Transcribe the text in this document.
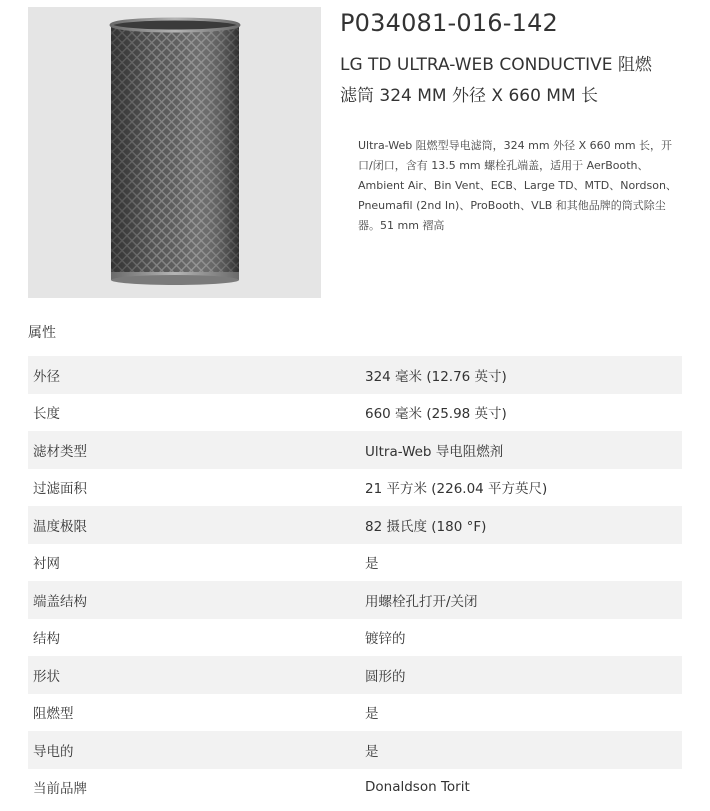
P034081-016-142
LG TD ULTRA-WEB CONDUCTIVE 阻燃
滤筒 324 MM 外径 X 660 MM 长

Ultra-Web 阻燃型导电滤筒，324 mm 外径 X 660 mm 长，开口/闭口，含有 13.5 mm 螺栓孔端盖，适用于 AerBooth、Ambient Air、Bin Vent、ECB、Large TD、MTD、Nordson、Pneumafil (2nd In)、ProBooth、VLB 和其他品牌的筒式除尘器。51 mm 褶高

属性
外径	324 毫米 (12.76 英寸)
长度	660 毫米 (25.98 英寸)
滤材类型	Ultra-Web 导电阻燃剂
过滤面积	21 平方米 (226.04 平方英尺)
温度极限	82 摄氏度 (180 °F)
衬网	是
端盖结构	用螺栓孔打开/关闭
结构	镀锌的
形状	圆形的
阻燃型	是
导电的	是
当前品牌	Donaldson Torit
